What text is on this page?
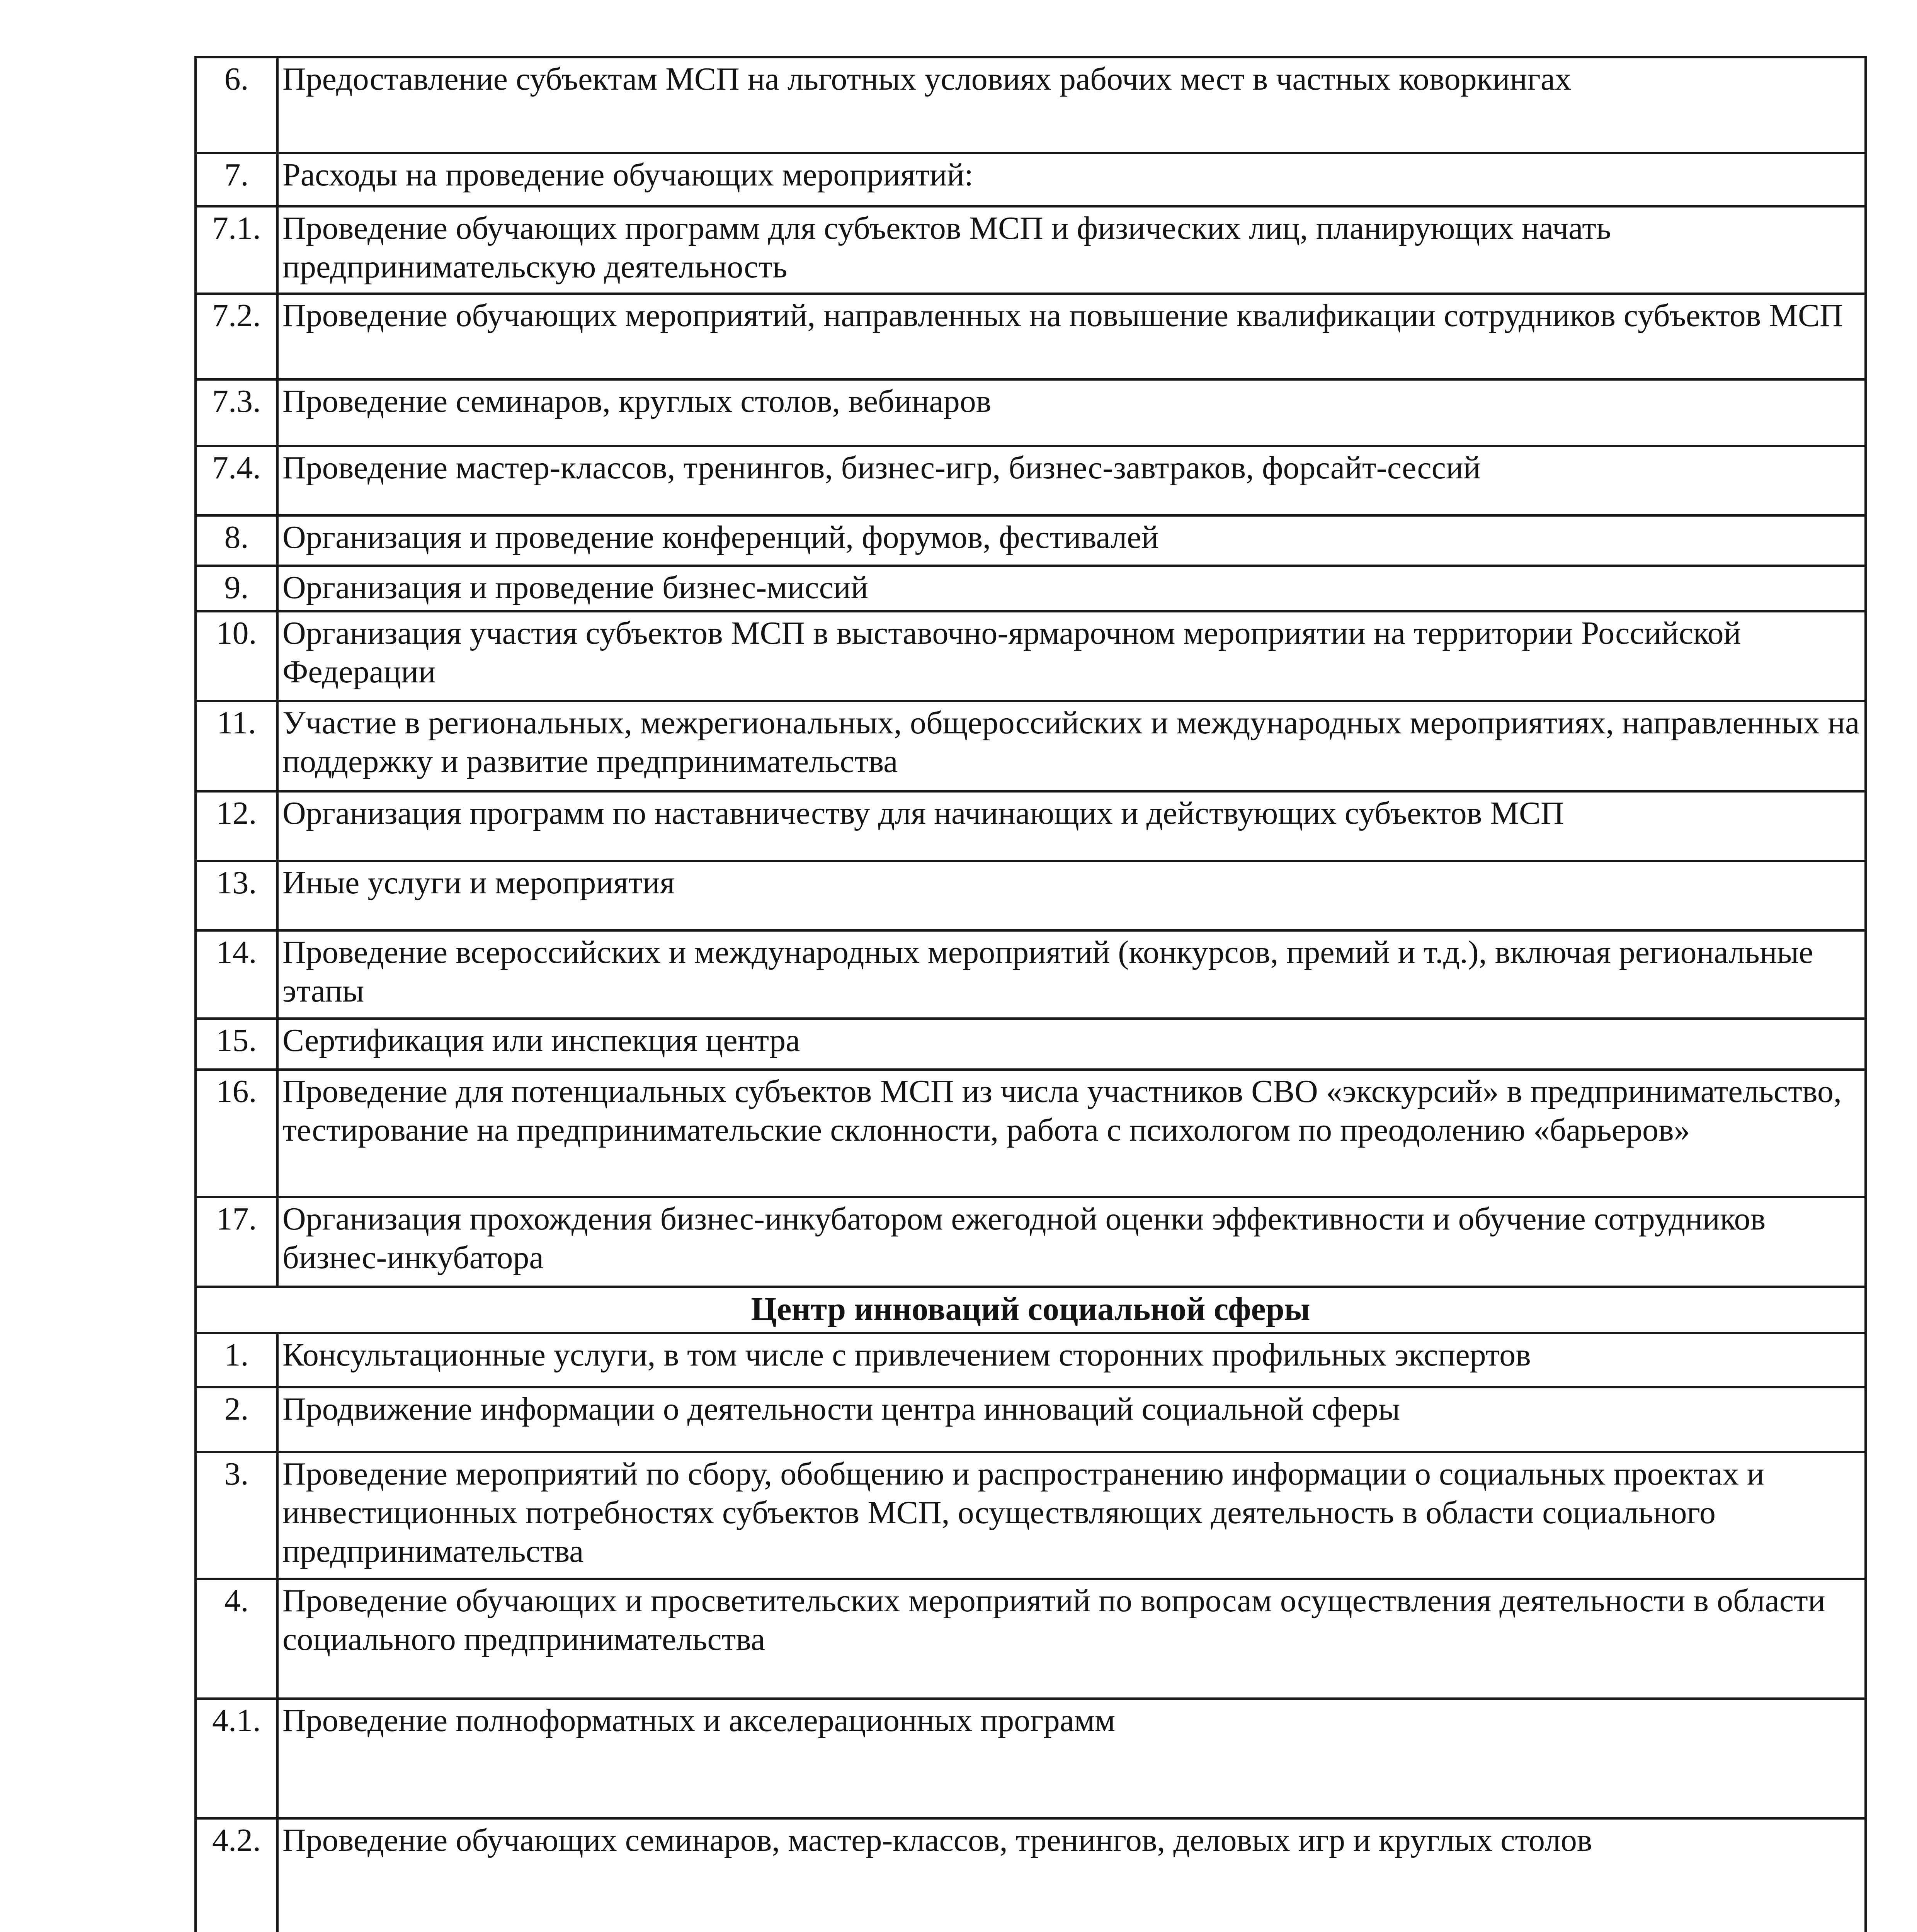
6.	Предоставление субъектам МСП на льготных условиях рабочих мест в частных коворкингах
7.	Расходы на проведение обучающих мероприятий:
7.1.	Проведение обучающих программ для субъектов МСП и физических лиц, планирующих начать предпринимательскую деятельность
7.2.	Проведение обучающих мероприятий, направленных на повышение квалификации сотрудников субъектов МСП
7.3.	Проведение семинаров, круглых столов, вебинаров
7.4.	Проведение мастер-классов, тренингов, бизнес-игр, бизнес-завтраков, форсайт-сессий
8.	Организация и проведение конференций, форумов, фестивалей
9.	Организация и проведение бизнес-миссий
10.	Организация участия субъектов МСП в выставочно-ярмарочном мероприятии на территории Российской Федерации
11.	Участие в региональных, межрегиональных, общероссийских и международных мероприятиях, направленных на поддержку и развитие предпринимательства
12.	Организация программ по наставничеству для начинающих и действующих субъектов МСП
13.	Иные услуги и мероприятия
14.	Проведение всероссийских и международных мероприятий (конкурсов, премий и т.д.), включая региональные этапы
15.	Сертификация или инспекция центра
16.	Проведение для потенциальных субъектов МСП из числа участников СВО «экскурсий» в предпринимательство, тестирование на предпринимательские склонности, работа с психологом по преодолению «барьеров»
17.	Организация прохождения бизнес-инкубатором ежегодной оценки эффективности и обучение сотрудников бизнес-инкубатора
Центр инноваций социальной сферы	
1.	Консультационные услуги, в том числе с привлечением сторонних профильных экспертов
2.	Продвижение информации о деятельности центра инноваций социальной сферы
3.	Проведение мероприятий по сбору, обобщению и распространению информации о социальных проектах и инвестиционных потребностях субъектов МСП, осуществляющих деятельность в области социального предпринимательства
4.	Проведение обучающих и просветительских мероприятий по вопросам осуществления деятельности в области социального предпринимательства
4.1.	Проведение полноформатных и акселерационных программ
4.2.	Проведение обучающих семинаров, мастер-классов, тренингов, деловых игр и круглых столов
